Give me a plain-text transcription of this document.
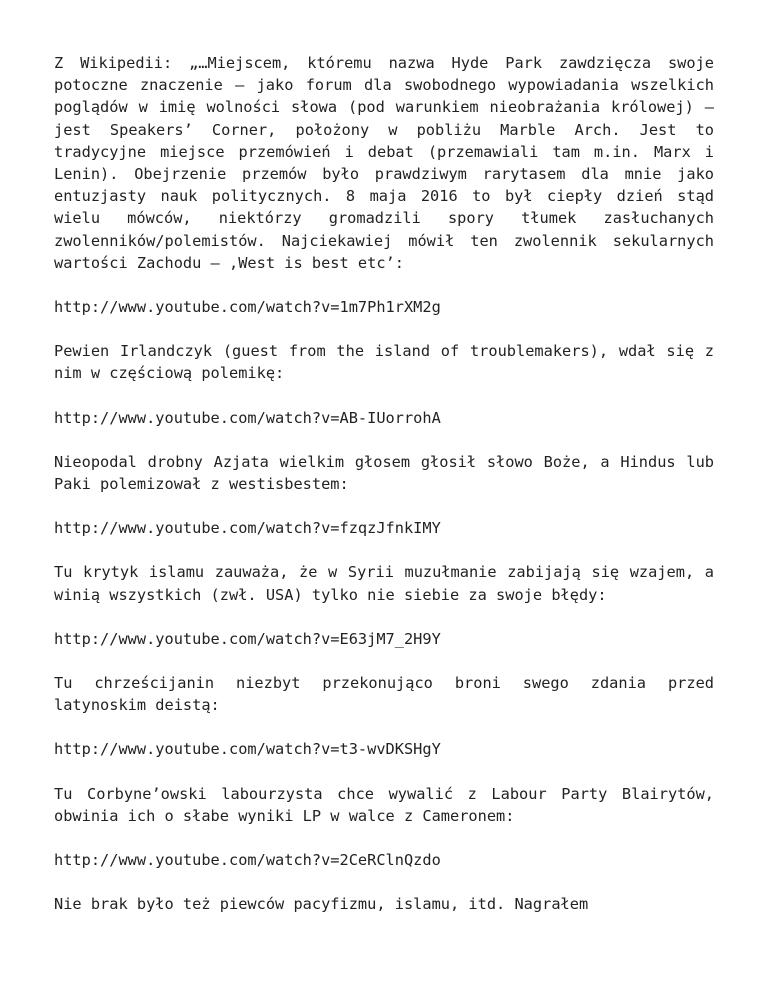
Z Wikipedii: „…Miejscem, któremu nazwa Hyde Park zawdzięcza swoje potoczne znaczenie – jako forum dla swobodnego wypowiadania wszelkich poglądów w imię wolności słowa (pod warunkiem nieobrażania królowej) – jest Speakers’ Corner, położony w pobliżu Marble Arch. Jest to tradycyjne miejsce przemówień i debat (przemawiali tam m.in. Marx i Lenin). Obejrzenie przemów było prawdziwym rarytasem dla mnie jako entuzjasty nauk politycznych. 8 maja 2016 to był ciepły dzień stąd wielu mówców, niektórzy gromadzili spory tłumek zasłuchanych zwolenników/polemistów. Najciekawiej mówił ten zwolennik sekularnych wartości Zachodu – ‚West is best etc’:

http://www.youtube.com/watch?v=1m7Ph1rXM2g

Pewien Irlandczyk (guest from the island of troublemakers), wdał się z nim w częściową polemikę:

http://www.youtube.com/watch?v=AB-IUorrohA

Nieopodal drobny Azjata wielkim głosem głosił słowo Boże, a Hindus lub Paki polemizował z westisbestem:

http://www.youtube.com/watch?v=fzqzJfnkIMY

Tu krytyk islamu zauważa, że w Syrii muzułmanie zabijają się wzajem, a winią wszystkich (zwł. USA) tylko nie siebie za swoje błędy:

http://www.youtube.com/watch?v=E63jM7_2H9Y

Tu chrześcijanin niezbyt przekonująco broni swego zdania przed latynoskim deistą:

http://www.youtube.com/watch?v=t3-wvDKSHgY

Tu Corbyne’owski labourzysta chce wywalić z Labour Party Blairytów, obwinia ich o słabe wyniki LP w walce z Cameronem:

http://www.youtube.com/watch?v=2CeRClnQzdo

Nie brak było też piewców pacyfizmu, islamu, itd. Nagrałem
